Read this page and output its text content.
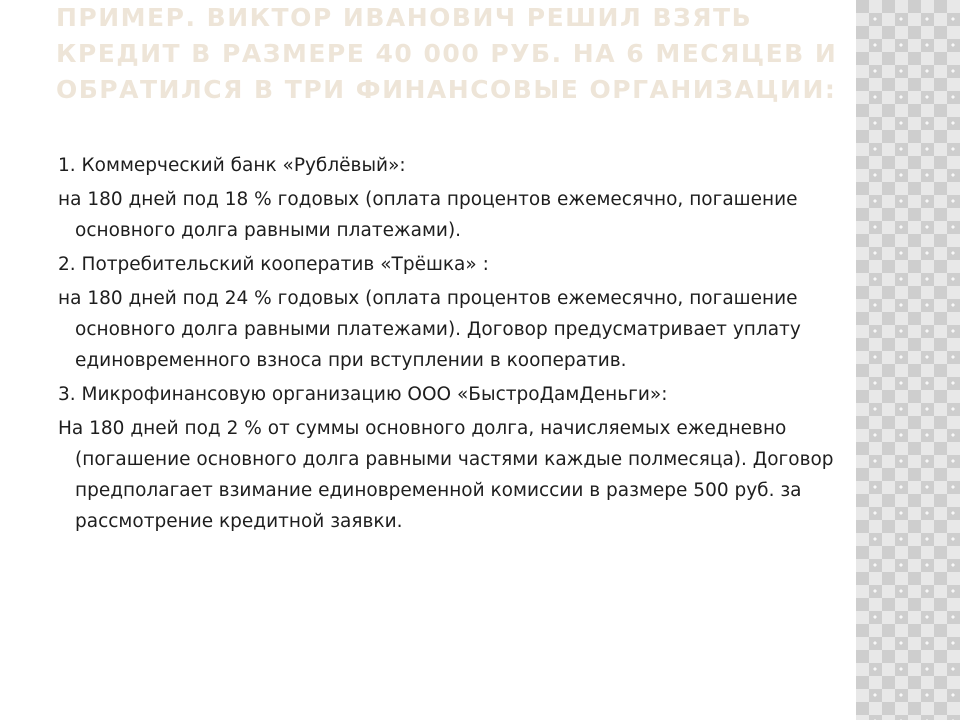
ПРИМЕР. ВИКТОР ИВАНОВИЧ РЕШИЛ ВЗЯТЬ КРЕДИТ В РАЗМЕРЕ 40 000 РУБ. НА 6 МЕСЯЦЕВ И ОБРАТИЛСЯ В ТРИ ФИНАНСОВЫЕ ОРГАНИЗАЦИИ:

1. Коммерческий банк «Рублёвый»:

на 180 дней под 18 % годовых (оплата процентов ежемесячно, погашение основного долга равными платежами).

2. Потребительский кооператив «Трёшка» :

на 180 дней под 24 % годовых (оплата процентов ежемесячно, погашение основного долга равными платежами). Договор предусматривает уплату единовременного взноса при вступлении в кооператив.

3. Микрофинансовую организацию ООО «БыстроДамДеньги»:

На 180 дней под 2 % от суммы основного долга, начисляемых ежедневно (погашение основного долга равными частями каждые полмесяца). Договор предполагает взимание единовременной комиссии в размере 500 руб. за рассмотрение кредитной заявки.
